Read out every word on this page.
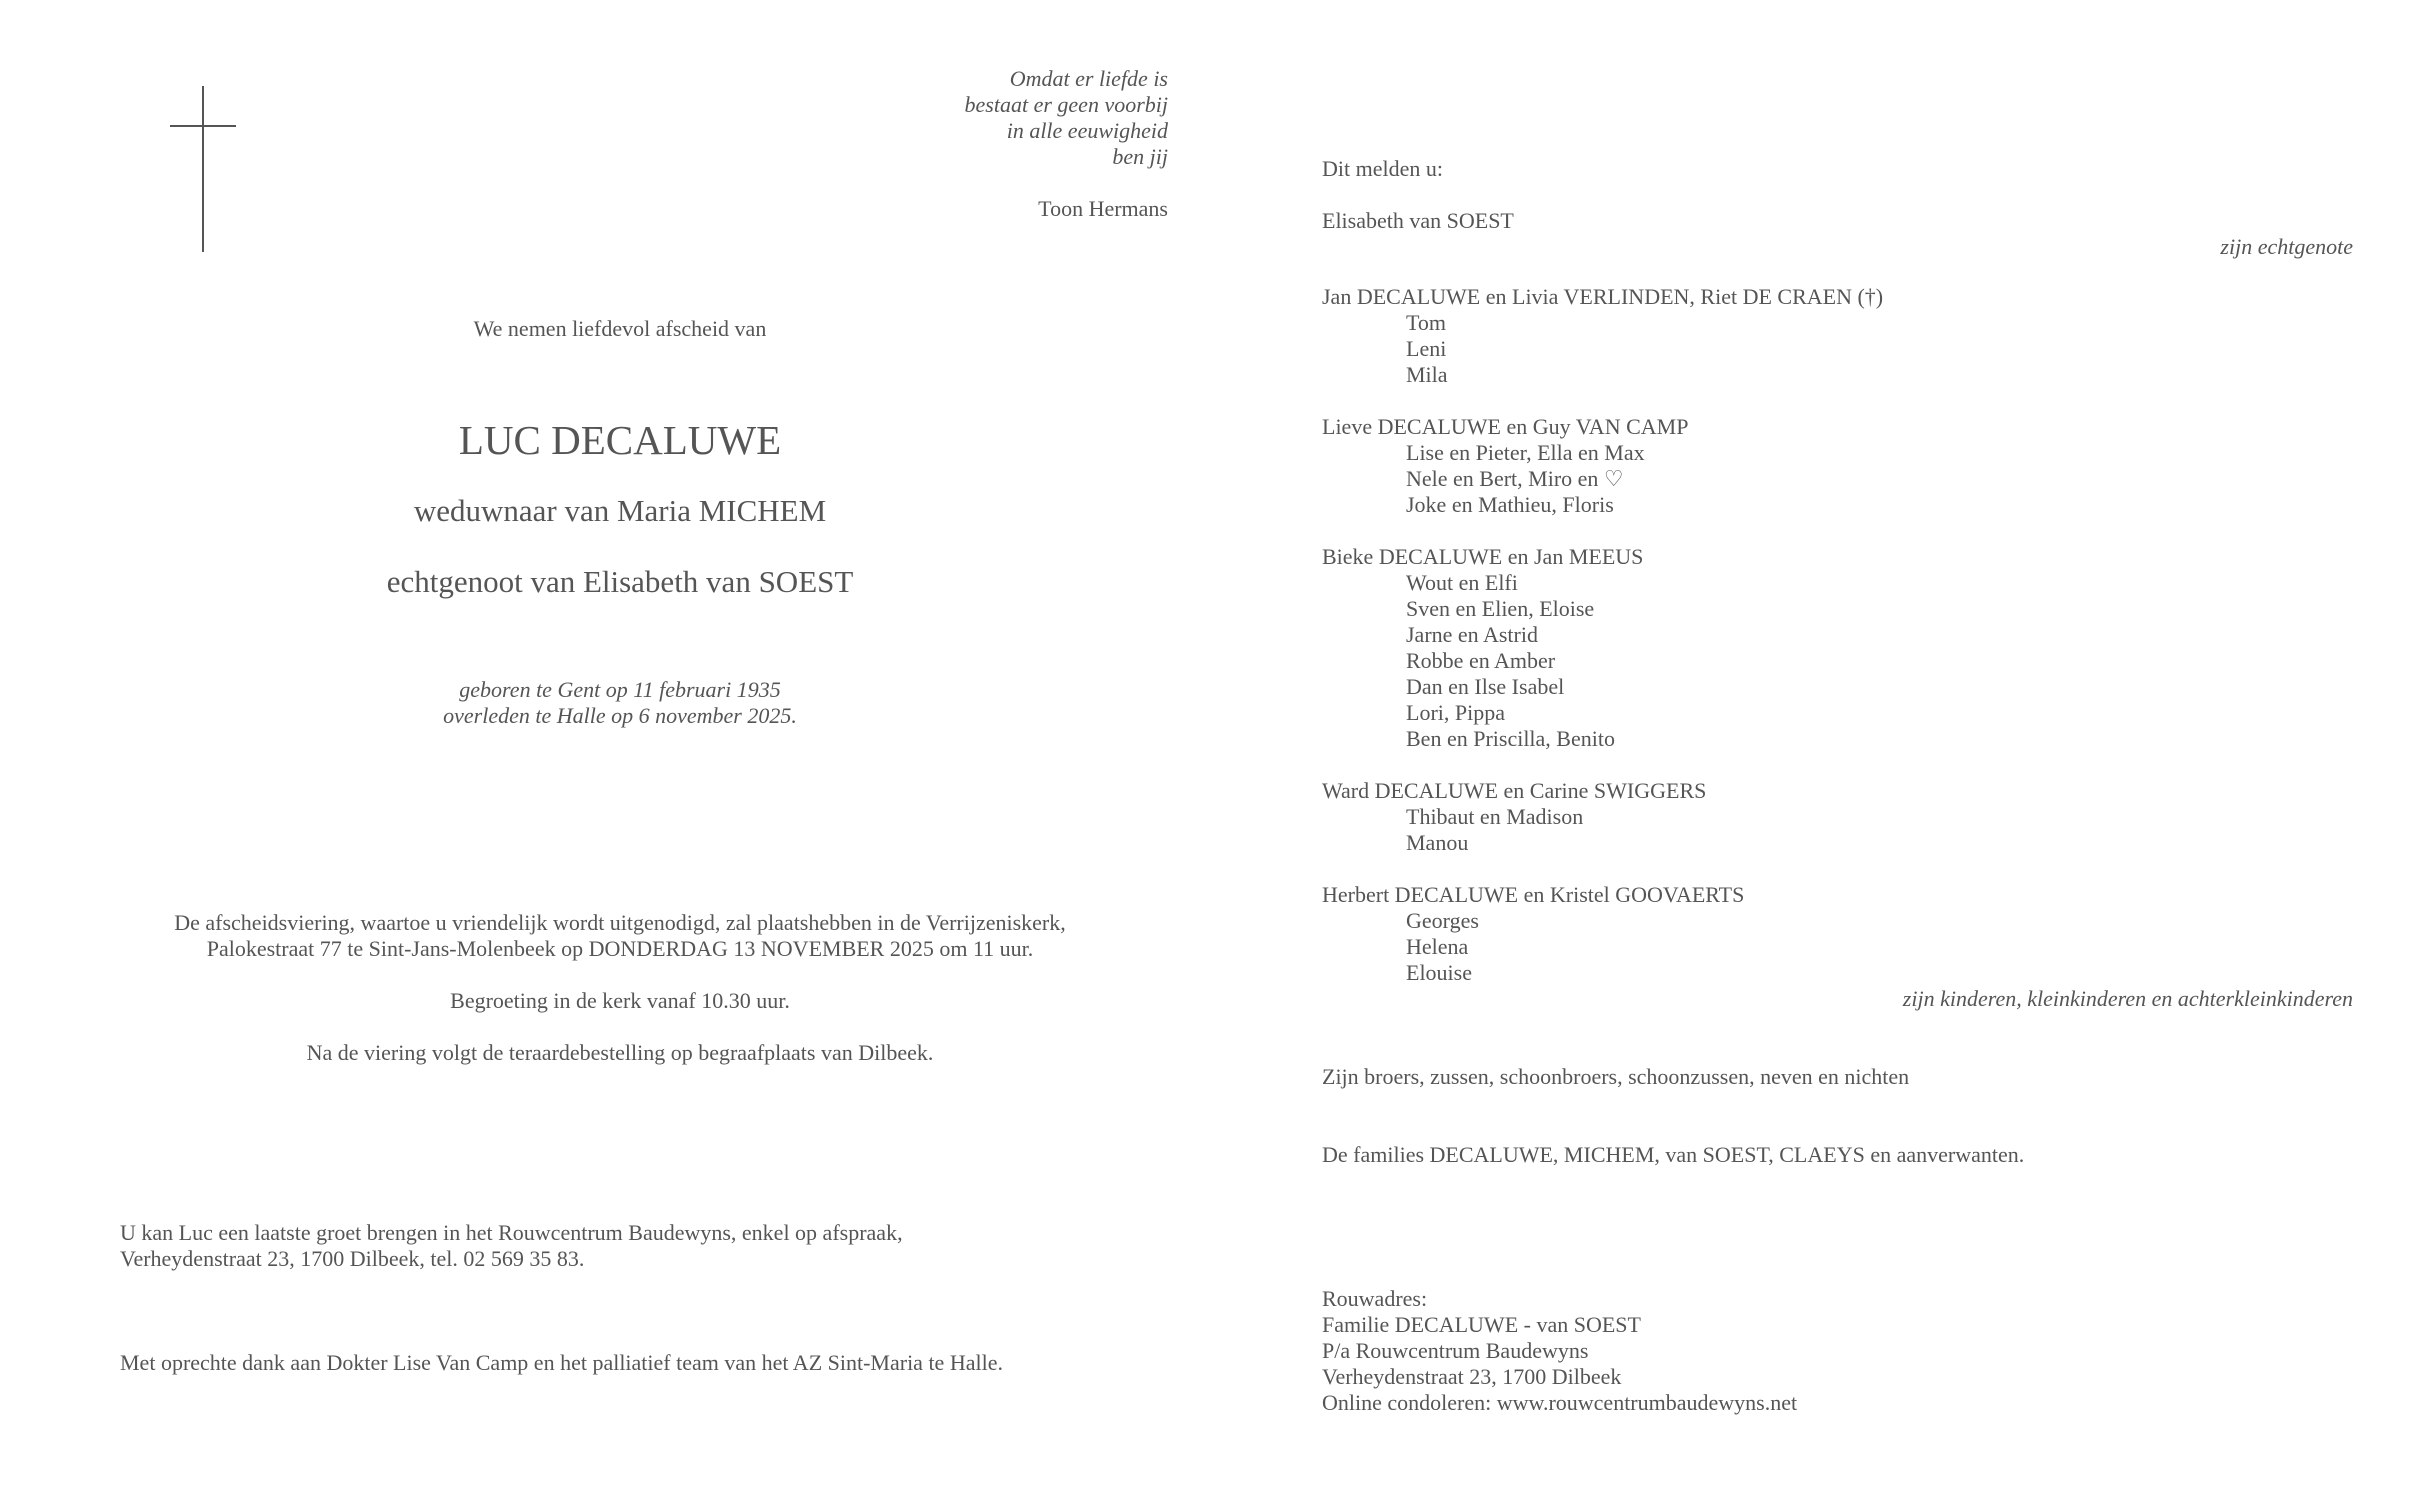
Omdat er liefde is
bestaat er geen voorbij
in alle eeuwigheid
ben jij
Toon Hermans
We nemen liefdevol afscheid van
LUC DECALUWE
weduwnaar van Maria MICHEM
echtgenoot van Elisabeth van SOEST
geboren te Gent op 11 februari 1935
overleden te Halle op 6 november 2025.
De afscheidsviering, waartoe u vriendelijk wordt uitgenodigd, zal plaatshebben in de Verrijzeniskerk,
Palokestraat 77 te Sint-Jans-Molenbeek op DONDERDAG 13 NOVEMBER 2025 om 11 uur.
Begroeting in de kerk vanaf 10.30 uur.
Na de viering volgt de teraardebestelling op begraafplaats van Dilbeek.
U kan Luc een laatste groet brengen in het Rouwcentrum Baudewyns, enkel op afspraak,
Verheydenstraat 23, 1700 Dilbeek, tel. 02 569 35 83.
Met oprechte dank aan Dokter Lise Van Camp en het palliatief team van het AZ Sint-Maria te Halle.
Dit melden u:
Elisabeth van SOEST
zijn echtgenote
Jan DECALUWE en Livia VERLINDEN, Riet DE CRAEN (†)
Tom
Leni
Mila
Lieve DECALUWE en Guy VAN CAMP
Lise en Pieter, Ella en Max
Nele en Bert, Miro en ♡
Joke en Mathieu, Floris
Bieke DECALUWE en Jan MEEUS
Wout en Elfi
Sven en Elien, Eloise
Jarne en Astrid
Robbe en Amber
Dan en Ilse Isabel
Lori, Pippa
Ben en Priscilla, Benito
Ward DECALUWE en Carine SWIGGERS
Thibaut en Madison
Manou
Herbert DECALUWE en Kristel GOOVAERTS
Georges
Helena
Elouise
zijn kinderen, kleinkinderen en achterkleinkinderen
Zijn broers, zussen, schoonbroers, schoonzussen, neven en nichten
De families DECALUWE, MICHEM, van SOEST, CLAEYS en aanverwanten.
Rouwadres:
Familie DECALUWE - van SOEST
P/a Rouwcentrum Baudewyns
Verheydenstraat 23, 1700 Dilbeek
Online condoleren: www.rouwcentrumbaudewyns.net
